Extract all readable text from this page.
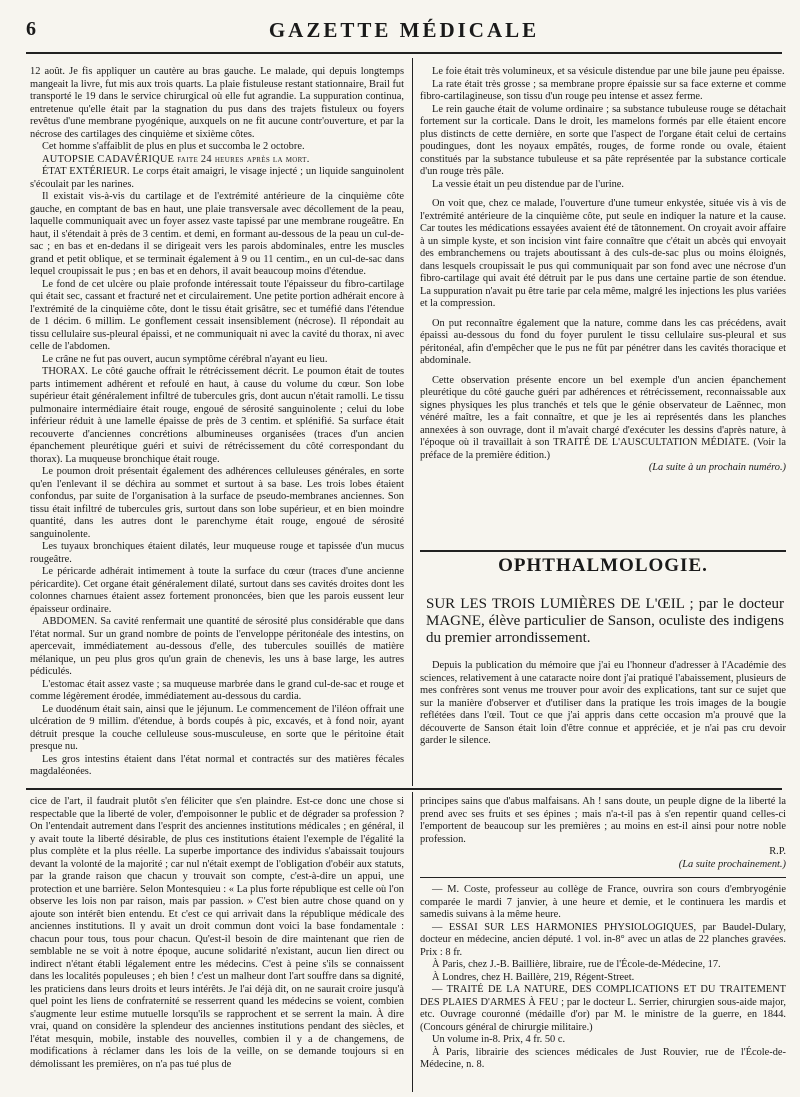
6	GAZETTE MÉDICALE

12 août. Je fis appliquer un cautère au bras gauche. Le malade, qui depuis longtemps mangeait la livre, fut mis aux trois quarts. La plaie fistuleuse restant stationnaire, Brail fut transporté le 19 dans le service chirurgical où elle fut agrandie. La suppuration continua, entretenue qu'elle était par la stagnation du pus dans des trajets fistuleux ou foyers revêtus d'une membrane pyogénique, auxquels on ne fit aucune contr'ouverture, et par la nécrose des cartilages des cinquième et sixième côtes.

Cet homme s'affaiblit de plus en plus et succomba le 2 octobre.

AUTOPSIE CADAVÉRIQUE faite 24 heures après la mort.

ÉTAT EXTÉRIEUR. Le corps était amaigri, le visage injecté ; un liquide sanguinolent s'écoulait par les narines.

Il existait vis-à-vis du cartilage et de l'extrémité antérieure de la cinquième côte gauche, en comptant de bas en haut, une plaie transversale avec décollement de la peau, laquelle communiquait avec un foyer assez vaste tapissé par une membrane rougeâtre. En haut, il s'étendait à près de 3 centim. et demi, en formant au-dessous de la peau un cul-de-sac ; en bas et en-dedans il se dirigeait vers les parois abdominales, entre les muscles grand et petit oblique, et se terminait également à 9 ou 11 centim., en un cul-de-sac dans lequel croupissait le pus ; en bas et en dehors, il avait beaucoup moins d'étendue.

Le fond de cet ulcère ou plaie profonde intéressait toute l'épaisseur du fibro-cartilage qui était sec, cassant et fracturé net et circulairement. Une petite portion adhérait encore à l'extrémité de la cinquième côte, dont le tissu était grisâtre, sec et tuméfié dans l'étendue de 1 décim. 6 millim. Le gonflement cessait insensiblement (nécrose). Il répondait au tissu cellulaire sus-pleural épaissi, et ne communiquait ni avec la cavité du thorax, ni avec celle de l'abdomen.

Le crâne ne fut pas ouvert, aucun symptôme cérébral n'ayant eu lieu.

THORAX. Le côté gauche offrait le rétrécissement décrit. Le poumon était de toutes parts intimement adhérent et refoulé en haut, à cause du volume du cœur. Son lobe supérieur était généralement infiltré de tubercules gris, dont aucun n'était ramolli. Le tissu pulmonaire intermédiaire était rouge, engoué de sérosité sanguinolente ; celui du lobe inférieur réduit à une lamelle épaisse de près de 3 centim. et splénifié. Sa surface était recouverte d'anciennes concrétions albumineuses organisées (traces d'un ancien épanchement pleurétique guéri et suivi de rétrécissement du côté correspondant du thorax). La muqueuse bronchique était rouge.

Le poumon droit présentait également des adhérences celluleuses générales, en sorte qu'en l'enlevant il se déchira au sommet et surtout à sa base. Les trois lobes étaient confondus, par suite de l'organisation à la surface de pseudo-membranes anciennes. Son tissu était infiltré de tubercules gris, surtout dans son lobe supérieur, et en bien moindre quantité, dans les autres dont le parenchyme était rouge, engoué de sérosité sanguinolente.

Les tuyaux bronchiques étaient dilatés, leur muqueuse rouge et tapissée d'un mucus rougeâtre.

Le péricarde adhérait intimement à toute la surface du cœur (traces d'une ancienne péricardite). Cet organe était généralement dilaté, surtout dans ses cavités droites dont les colonnes charnues étaient assez fortement prononcées, bien que les parois eussent leur épaisseur ordinaire.

ABDOMEN. Sa cavité renfermait une quantité de sérosité plus considérable que dans l'état normal. Sur un grand nombre de points de l'enveloppe péritonéale des intestins, on apercevait, immédiatement au-dessous d'elle, des tubercules souillés de matière mélanique, un peu plus gros qu'un grain de chenevis, les uns à base large, les autres pédiculés.

L'estomac était assez vaste ; sa muqueuse marbrée dans le grand cul-de-sac et rouge et comme légèrement érodée, immédiatement au-dessous du cardia.

Le duodénum était sain, ainsi que le jéjunum. Le commencement de l'iléon offrait une ulcération de 9 millim. d'étendue, à bords coupés à pic, excavés, et à fond noir, ayant détruit presque la couche celluleuse sous-musculeuse, en sorte que le péritoine était presque nu.

Les gros intestins étaient dans l'état normal et contractés sur des matières fécales magdaléonées.

Le foie était très volumineux, et sa vésicule distendue par une bile jaune peu épaisse.

La rate était très grosse ; sa membrane propre épaissie sur sa face externe et comme fibro-cartilagineuse, son tissu d'un rouge peu intense et assez ferme.

Le rein gauche était de volume ordinaire ; sa substance tubuleuse rouge se détachait fortement sur la corticale. Dans le droit, les mamelons formés par elle étaient encore plus distincts de cette dernière, en sorte que l'aspect de l'organe était celui de certains poudingues, dont les noyaux empâtés, rouges, de forme ronde ou ovale, étaient constitués par la substance tubuleuse et sa pâte représentée par la substance corticale d'un rouge très pâle.

La vessie était un peu distendue par de l'urine.

On voit que, chez ce malade, l'ouverture d'une tumeur enkystée, située vis à vis de l'extrémité antérieure de la cinquième côte, put seule en indiquer la nature et la cause. Car toutes les médications essayées avaient été de tâtonnement. On croyait avoir affaire à un simple kyste, et son incision vint faire connaître que c'était un abcès qui envoyait des embranchemens ou trajets aboutissant à des culs-de-sac plus ou moins éloignés, dans lesquels croupissait le pus qui communiquait par son fond avec une nécrose d'un fibro-cartilage qui avait été détruit par le pus dans une certaine partie de son étendue. La suppuration n'avait pu être tarie par cela même, malgré les injections les plus variées et la compression.

On put reconnaître également que la nature, comme dans les cas précédens, avait épaissi au-dessous du fond du foyer purulent le tissu cellulaire sus-pleural et sus péritonéal, afin d'empêcher que le pus ne fût par pénétrer dans les cavités thoracique et abdominale.

Cette observation présente encore un bel exemple d'un ancien épanchement pleurétique du côté gauche guéri par adhérences et rétrécissement, reconnaissable aux signes physiques les plus tranchés et tels que le génie observateur de Laënnec, mon vénéré maître, les a fait connaître, et que je les ai représentés dans les planches annexées à son ouvrage, dont il m'avait chargé d'exécuter les dessins d'après nature, à l'époque où il travaillait à son TRAITÉ DE L'AUSCULTATION MÉDIATE. (Voir la préface de la première édition.)

(La suite à un prochain numéro.)

OPHTHALMOLOGIE.
SUR LES TROIS LUMIÈRES DE L'ŒIL ; par le docteur MAGNE, élève particulier de Sanson, oculiste des indigens du premier arrondissement.

Depuis la publication du mémoire que j'ai eu l'honneur d'adresser à l'Académie des sciences, relativement à une cataracte noire dont j'ai pratiqué l'abaissement, plusieurs de mes confrères sont venus me trouver pour avoir des explications, tant sur ce sujet que sur la manière d'observer et d'utiliser dans la pratique les trois images de la bougie reflétées dans l'œil. Tout ce que j'ai appris dans cette occasion m'a prouvé que la découverte de Sanson était loin d'être connue et appréciée, et je n'ai pas cru devoir garder le silence.

cice de l'art, il faudrait plutôt s'en féliciter que s'en plaindre. Est-ce donc une chose si respectable que la liberté de voler, d'empoisonner le public et de dégrader sa profession ? On l'entendait autrement dans l'esprit des anciennes institutions médicales ; en général, il y avait toute la liberté désirable, de plus ces institutions étaient l'exemple de l'égalité la plus complète et la plus réelle. La superbe importance des individus s'abaissait toujours devant la volonté de la majorité ; car nul n'était exempt de l'obligation d'obéir aux statuts, par la grande raison que chacun y trouvait son compte, c'est-à-dire un appui, une protection et une barrière. Selon Montesquieu : « La plus forte république est celle où l'on observe les lois non par raison, mais par passion. » C'est bien autre chose quand on y ajoute son intérêt bien entendu. Et c'est ce qui arrivait dans la république médicale des anciennes institutions. Il y avait un droit commun dont voici la base fondamentale : chacun pour tous, tous pour chacun. Qu'est-il besoin de dire maintenant que rien de semblable ne se voit à notre époque, aucune solidarité n'existant, aucun lien direct ou indirect n'étant établi légalement entre les médecins. C'est à peine s'ils se connaissent dans les localités populeuses ; eh bien ! c'est un malheur dont l'art souffre dans sa dignité, les praticiens dans leurs droits et leurs intérêts. Je l'ai déjà dit, on ne saurait croire jusqu'à quel point les liens de confraternité se resserrent quand les médecins se voient, combien s'augmente leur estime mutuelle lorsqu'ils se rapprochent et se serrent la main. À dire vrai, quand on considère la splendeur des anciennes institutions pendant des siècles, et l'état mesquin, mobile, instable des nouvelles, combien il y a de changemens, de modifications à réclamer dans les lois de la veille, on se demande toujours si en démolissant les premières, on n'a pas tué plus de

principes sains que d'abus malfaisans. Ah ! sans doute, un peuple digne de la liberté la prend avec ses fruits et ses épines ; mais n'a-t-il pas à s'en repentir quand celles-ci l'emportent de beaucoup sur les premières ; au moins en est-il ainsi pour notre noble profession.

R.P.

(La suite prochainement.)

— M. Coste, professeur au collège de France, ouvrira son cours d'embryogénie comparée le mardi 7 janvier, à une heure et demie, et le continuera les mardis et samedis suivans à la même heure.

— ESSAI SUR LES HARMONIES PHYSIOLOGIQUES, par Baudel-Dulary, docteur en médecine, ancien député. 1 vol. in-8° avec un atlas de 22 planches gravées. Prix : 8 fr.

À Paris, chez J.-B. Baillière, libraire, rue de l'École-de-Médecine, 17.

À Londres, chez H. Baillère, 219, Régent-Street.

— TRAITÉ DE LA NATURE, DES COMPLICATIONS ET DU TRAITEMENT DES PLAIES D'ARMES À FEU ; par le docteur L. Serrier, chirurgien sous-aide major, etc. Ouvrage couronné (médaille d'or) par M. le ministre de la guerre, en 1844. (Concours général de chirurgie militaire.)

Un volume in-8. Prix, 4 fr. 50 c.

À Paris, librairie des sciences médicales de Just Rouvier, rue de l'École-de-Médecine, n. 8.
